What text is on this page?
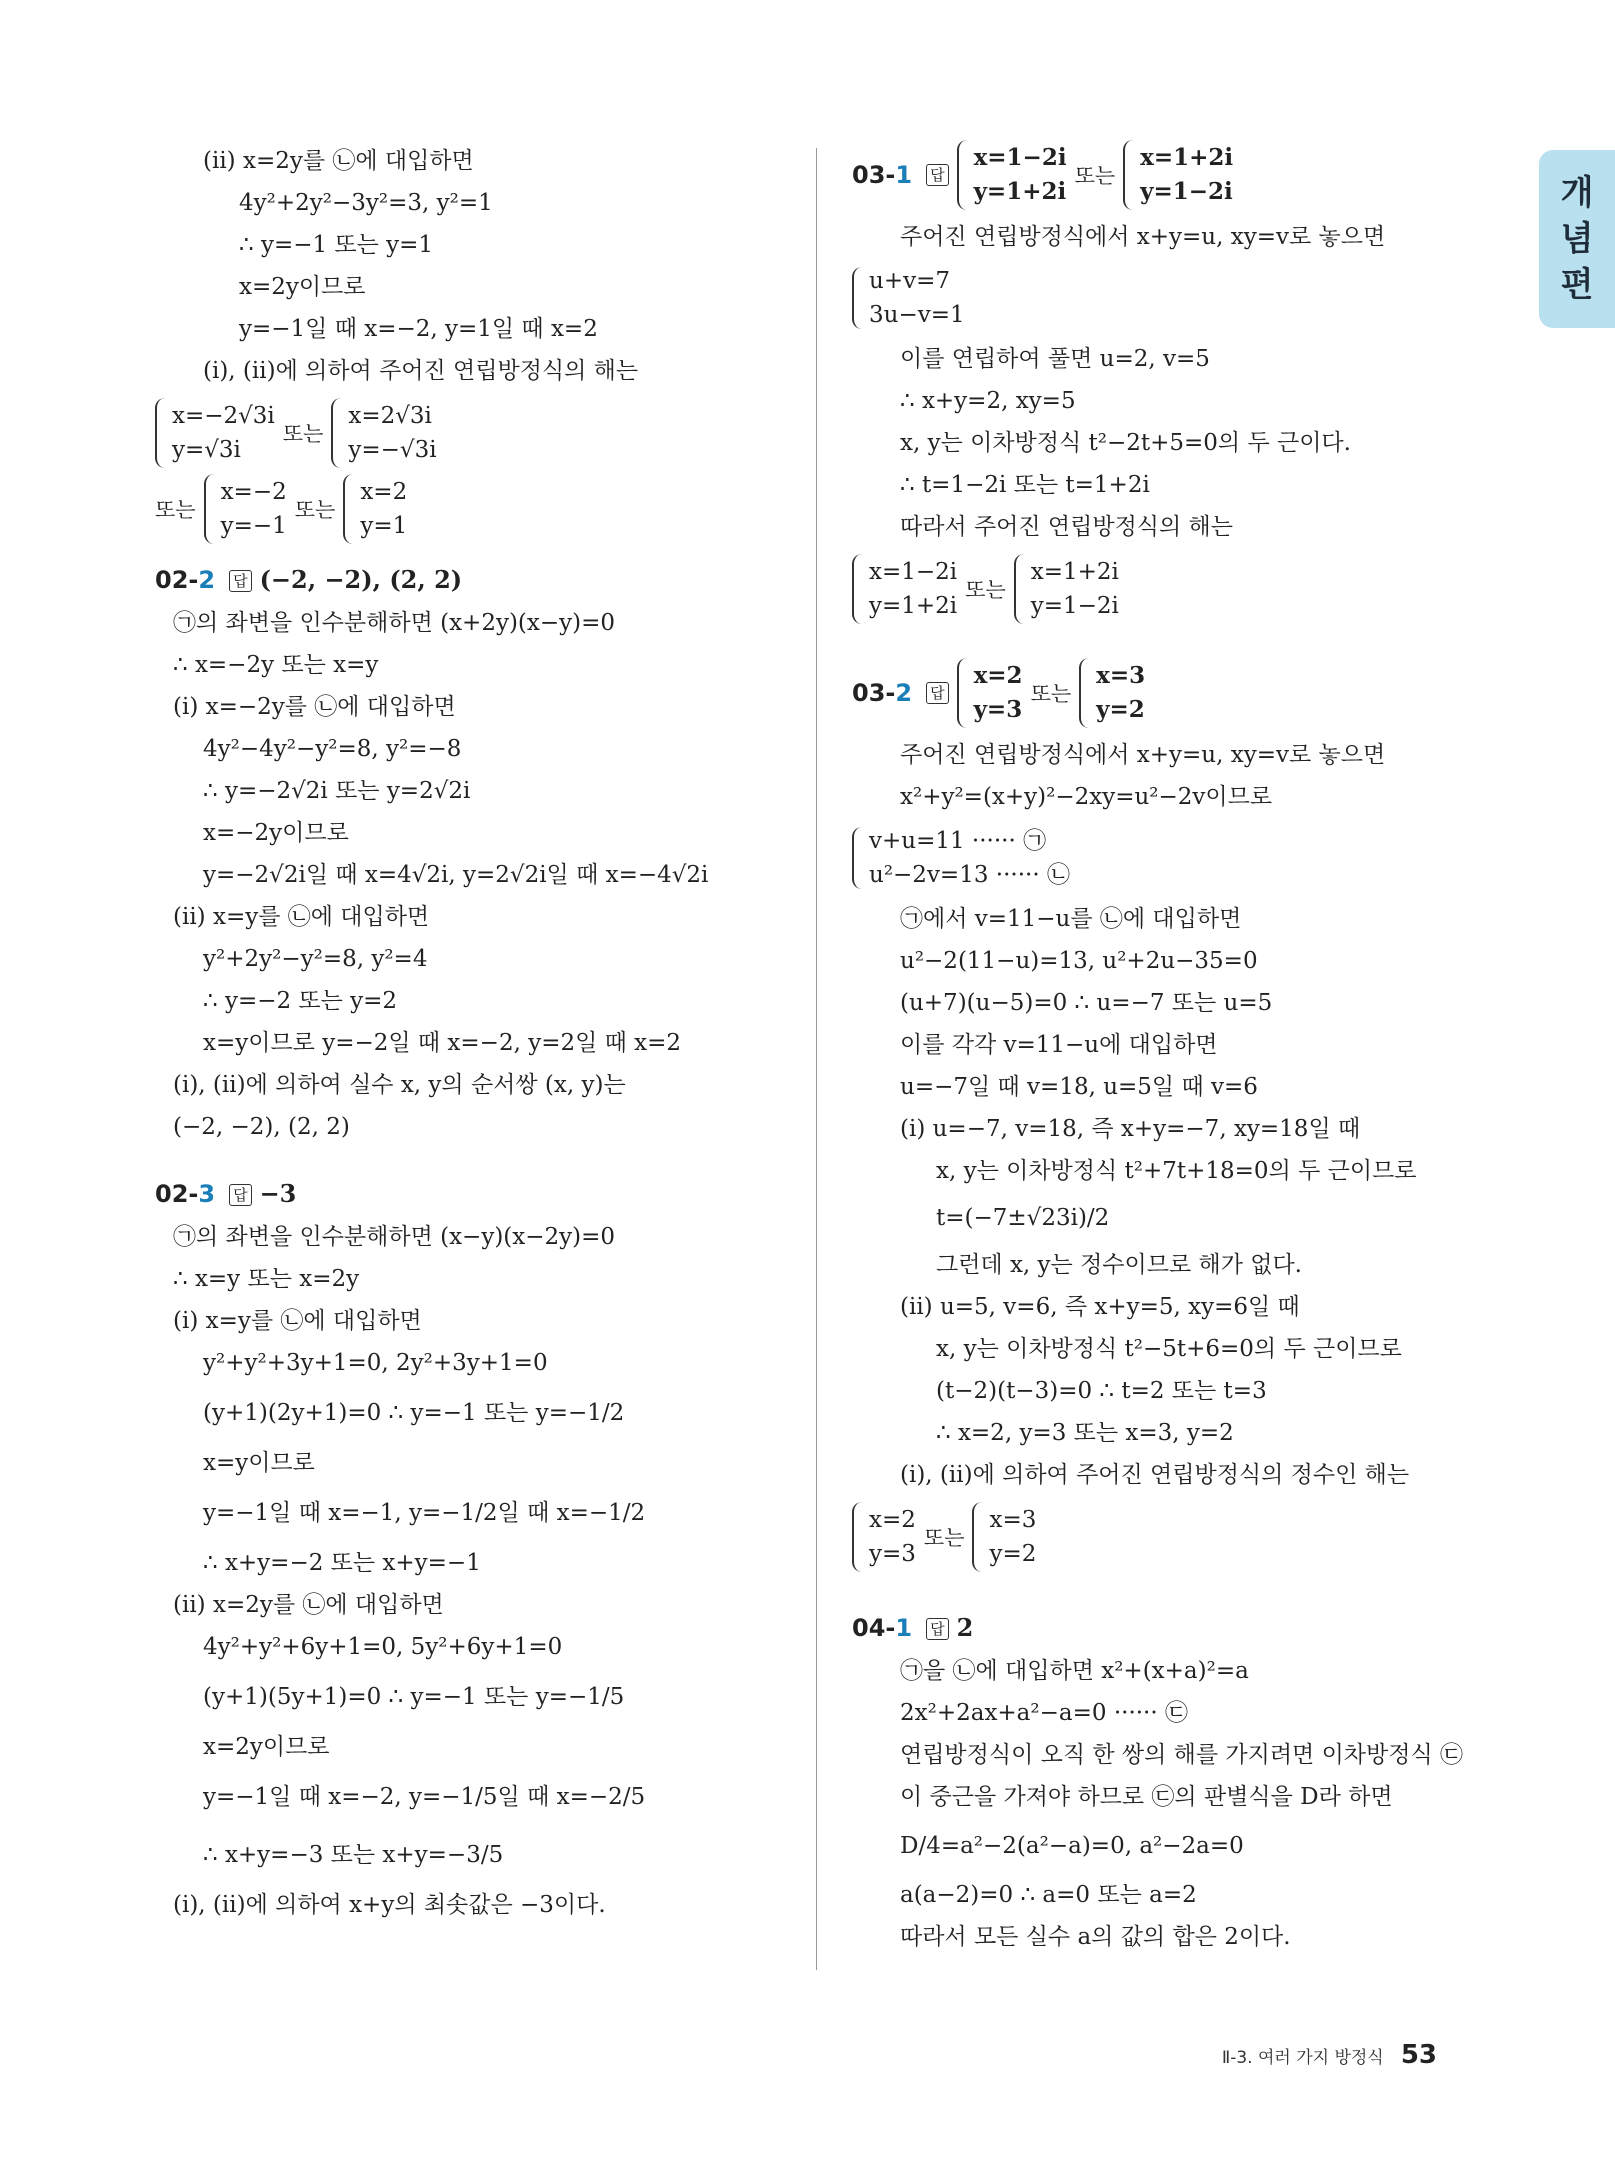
개
념
편
(ⅱ) x=2y를 ㉡에 대입하면
4y²+2y²−3y²=3, y²=1
∴ y=−1 또는 y=1
x=2y이므로
y=−1일 때 x=−2, y=1일 때 x=2
(ⅰ), (ⅱ)에 의하여 주어진 연립방정식의 해는
x=−2√3i
y=√3i
또는
x=2√3i
y=−√3i
또는
x=−2
y=−1
또는
x=2
y=1
02-2 답 (−2, −2), (2, 2)
㉠의 좌변을 인수분해하면 (x+2y)(x−y)=0
∴ x=−2y 또는 x=y
(ⅰ) x=−2y를 ㉡에 대입하면
4y²−4y²−y²=8, y²=−8
∴ y=−2√2i 또는 y=2√2i
x=−2y이므로
y=−2√2i일 때 x=4√2i, y=2√2i일 때 x=−4√2i
(ⅱ) x=y를 ㉡에 대입하면
y²+2y²−y²=8, y²=4
∴ y=−2 또는 y=2
x=y이므로 y=−2일 때 x=−2, y=2일 때 x=2
(ⅰ), (ⅱ)에 의하여 실수 x, y의 순서쌍 (x, y)는
(−2, −2), (2, 2)
02-3 답 −3
㉠의 좌변을 인수분해하면 (x−y)(x−2y)=0
∴ x=y 또는 x=2y
(ⅰ) x=y를 ㉡에 대입하면
y²+y²+3y+1=0, 2y²+3y+1=0
(y+1)(2y+1)=0 ∴ y=−1 또는 y=−1/2
x=y이므로
y=−1일 때 x=−1, y=−1/2일 때 x=−1/2
∴ x+y=−2 또는 x+y=−1
(ⅱ) x=2y를 ㉡에 대입하면
4y²+y²+6y+1=0, 5y²+6y+1=0
(y+1)(5y+1)=0 ∴ y=−1 또는 y=−1/5
x=2y이므로
y=−1일 때 x=−2, y=−1/5일 때 x=−2/5
∴ x+y=−3 또는 x+y=−3/5
(ⅰ), (ⅱ)에 의하여 x+y의 최솟값은 −3이다.
03-1 답
x=1−2i
y=1+2i
또는
x=1+2i
y=1−2i
주어진 연립방정식에서 x+y=u, xy=v로 놓으면
u+v=7
3u−v=1
이를 연립하여 풀면 u=2, v=5
∴ x+y=2, xy=5
x, y는 이차방정식 t²−2t+5=0의 두 근이다.
∴ t=1−2i 또는 t=1+2i
따라서 주어진 연립방정식의 해는
x=1−2i
y=1+2i
또는
x=1+2i
y=1−2i
03-2 답
x=2
y=3
또는
x=3
y=2
주어진 연립방정식에서 x+y=u, xy=v로 놓으면
x²+y²=(x+y)²−2xy=u²−2v이므로
v+u=11 ······ ㉠
u²−2v=13 ······ ㉡
㉠에서 v=11−u를 ㉡에 대입하면
u²−2(11−u)=13, u²+2u−35=0
(u+7)(u−5)=0 ∴ u=−7 또는 u=5
이를 각각 v=11−u에 대입하면
u=−7일 때 v=18, u=5일 때 v=6
(ⅰ) u=−7, v=18, 즉 x+y=−7, xy=18일 때
x, y는 이차방정식 t²+7t+18=0의 두 근이므로
t=(−7±√23i)/2
그런데 x, y는 정수이므로 해가 없다.
(ⅱ) u=5, v=6, 즉 x+y=5, xy=6일 때
x, y는 이차방정식 t²−5t+6=0의 두 근이므로
(t−2)(t−3)=0 ∴ t=2 또는 t=3
∴ x=2, y=3 또는 x=3, y=2
(ⅰ), (ⅱ)에 의하여 주어진 연립방정식의 정수인 해는
x=2
y=3
또는
x=3
y=2
04-1 답 2
㉠을 ㉡에 대입하면 x²+(x+a)²=a
2x²+2ax+a²−a=0 ······ ㉢
연립방정식이 오직 한 쌍의 해를 가지려면 이차방정식 ㉢
이 중근을 가져야 하므로 ㉢의 판별식을 D라 하면
D/4=a²−2(a²−a)=0, a²−2a=0
a(a−2)=0 ∴ a=0 또는 a=2
따라서 모든 실수 a의 값의 합은 2이다.
Ⅱ-3. 여러 가지 방정식 53
